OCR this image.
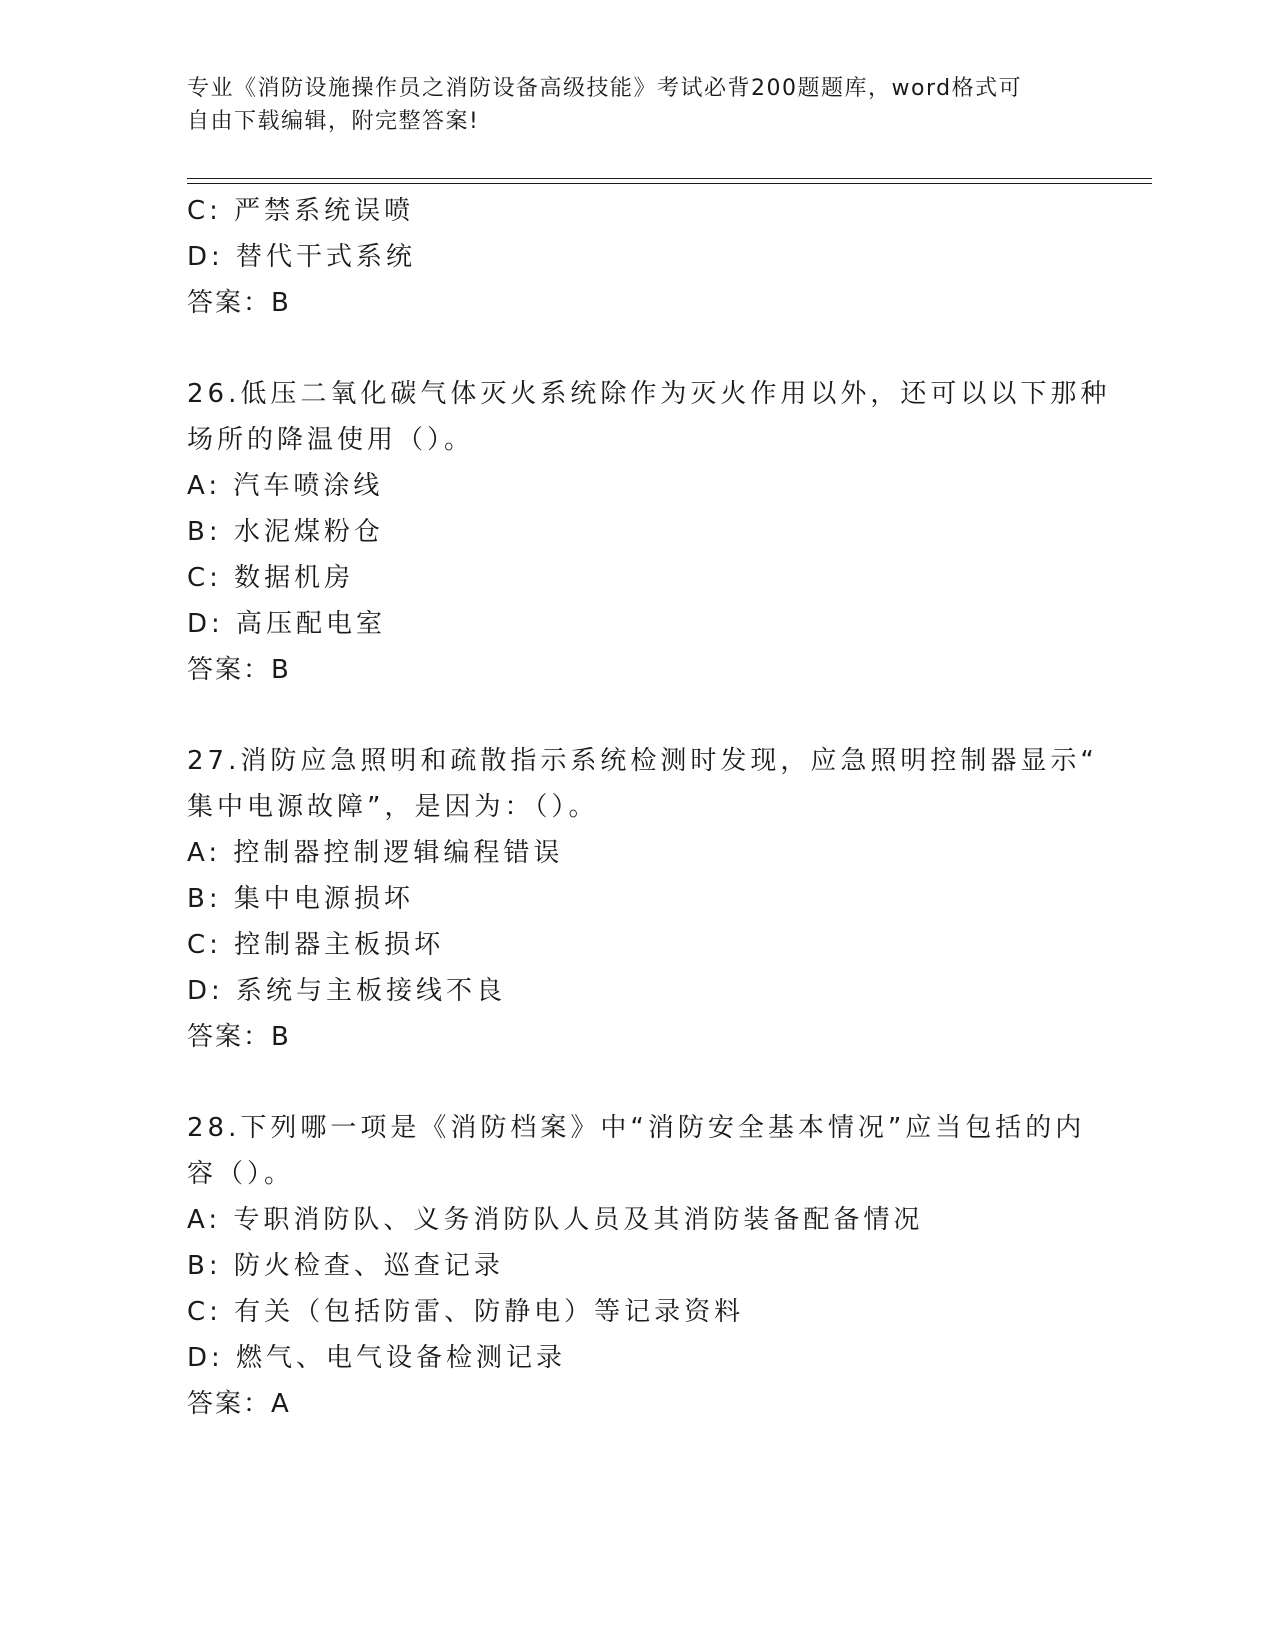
专业《消防设施操作员之消防设备高级技能》考试必背200题题库，word格式可
自由下载编辑，附完整答案!
C: 严禁系统误喷
D: 替代干式系统
答案：B
26.低压二氧化碳气体灭火系统除作为灭火作用以外，还可以以下那种
场所的降温使用（）。
A: 汽车喷涂线
B: 水泥煤粉仓
C: 数据机房
D: 高压配电室
答案：B
27.消防应急照明和疏散指示系统检测时发现，应急照明控制器显示“
集中电源故障”，是因为：（）。
A: 控制器控制逻辑编程错误
B: 集中电源损坏
C: 控制器主板损坏
D: 系统与主板接线不良
答案：B
28.下列哪一项是《消防档案》中“消防安全基本情况”应当包括的内
容（）。
A: 专职消防队、义务消防队人员及其消防装备配备情况
B: 防火检查、巡查记录
C: 有关（包括防雷、防静电）等记录资料
D: 燃气、电气设备检测记录
答案：A
